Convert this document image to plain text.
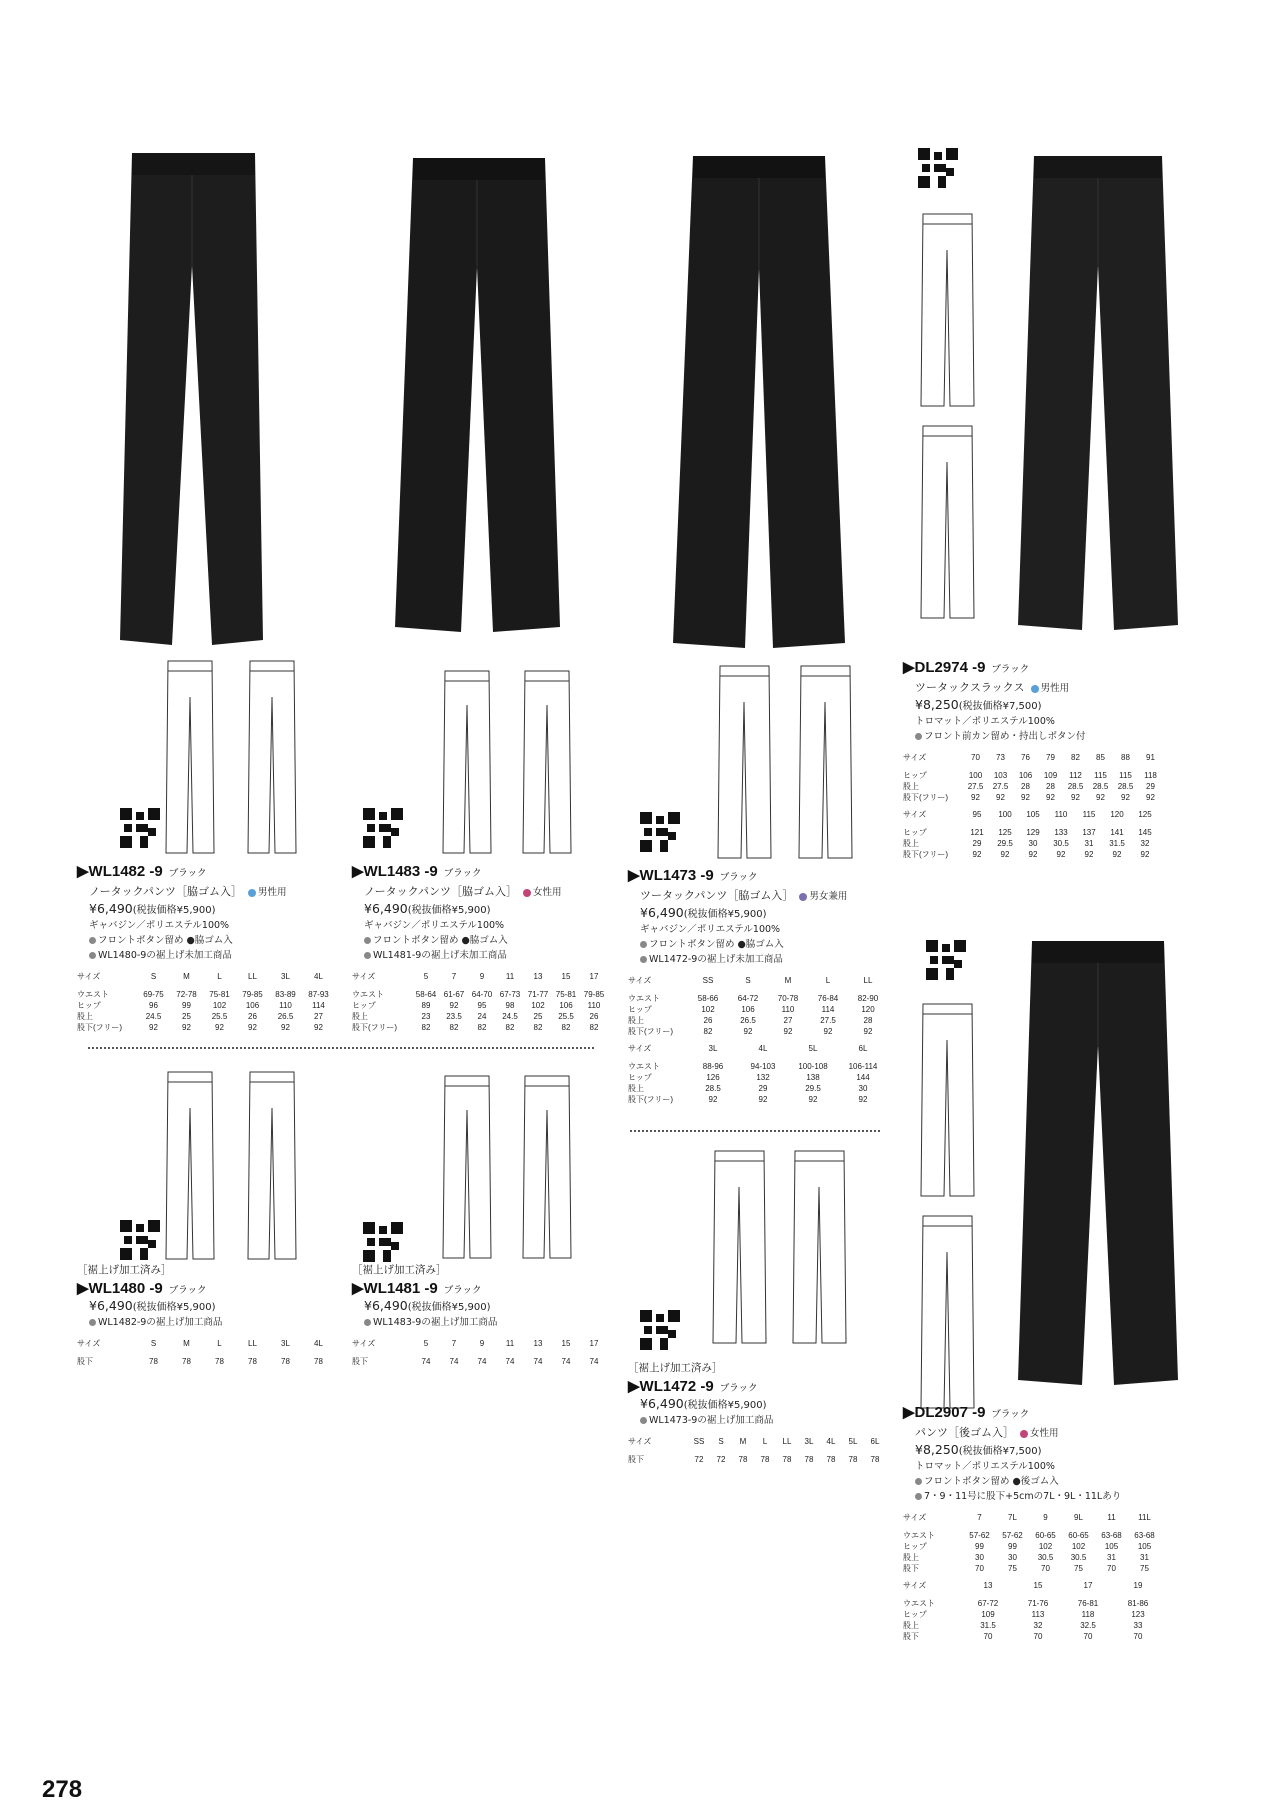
▶WL1482 -9 ブラック
ノータックパンツ［脇ゴム入］ 男性用
¥6,490(税抜価格¥5,900)
ギャバジン／ポリエステル100%
フロントボタン留め ●脇ゴム入
WL1480-9の裾上げ未加工商品
サイズ	S	M	L	LL	3L	4L
ウエスト	69-75	72-78	75-81	79-85	83-89	87-93
ヒップ	96	99	102	106	110	114
股上	24.5	25	25.5	26	26.5	27
股下(フリー)	92	92	92	92	92	92
▶WL1483 -9 ブラック
ノータックパンツ［脇ゴム入］ 女性用
¥6,490(税抜価格¥5,900)
ギャバジン／ポリエステル100%
フロントボタン留め ●脇ゴム入
WL1481-9の裾上げ未加工商品
サイズ	5	7	9	11	13	15	17
ウエスト	58-64	61-67	64-70	67-73	71-77	75-81	79-85
ヒップ	89	92	95	98	102	106	110
股上	23	23.5	24	24.5	25	25.5	26
股下(フリー)	82	82	82	82	82	82	82
▶WL1473 -9 ブラック
ツータックパンツ［脇ゴム入］ 男女兼用
¥6,490(税抜価格¥5,900)
ギャバジン／ポリエステル100%
フロントボタン留め ●脇ゴム入
WL1472-9の裾上げ未加工商品
サイズ	SS	S	M	L	LL
ウエスト	58-66	64-72	70-78	76-84	82-90
ヒップ	102	106	110	114	120
股上	26	26.5	27	27.5	28
股下(フリー)	82	92	92	92	92
サイズ	3L	4L	5L	6L
ウエスト	88-96	94-103	100-108	106-114
ヒップ	126	132	138	144
股上	28.5	29	29.5	30
股下(フリー)	92	92	92	92
▶DL2974 -9 ブラック
ツータックスラックス 男性用
¥8,250(税抜価格¥7,500)
トロマット／ポリエステル100%
フロント前カン留め・持出しボタン付
サイズ	70	73	76	79	82	85	88	91
ヒップ	100	103	106	109	112	115	115	118
股上	27.5	27.5	28	28	28.5	28.5	28.5	29
股下(フリー)	92	92	92	92	92	92	92	92
サイズ	95	100	105	110	115	120	125
ヒップ	121	125	129	133	137	141	145
股上	29	29.5	30	30.5	31	31.5	32
股下(フリー)	92	92	92	92	92	92	92
［裾上げ加工済み］
▶WL1480 -9 ブラック
¥6,490(税抜価格¥5,900)
WL1482-9の裾上げ加工商品
サイズ	S	M	L	LL	3L	4L
股下	78	78	78	78	78	78
［裾上げ加工済み］
▶WL1481 -9 ブラック
¥6,490(税抜価格¥5,900)
WL1483-9の裾上げ加工商品
サイズ	5	7	9	11	13	15	17
股下	74	74	74	74	74	74	74
［裾上げ加工済み］
▶WL1472 -9 ブラック
¥6,490(税抜価格¥5,900)
WL1473-9の裾上げ加工商品
サイズ	SS	S	M	L	LL	3L	4L	5L	6L
股下	72	72	78	78	78	78	78	78	78
▶DL2907 -9 ブラック
パンツ［後ゴム入］ 女性用
¥8,250(税抜価格¥7,500)
トロマット／ポリエステル100%
フロントボタン留め ●後ゴム入
7・9・11号に股下+5cmの7L・9L・11Lあり
サイズ	7	7L	9	9L	11	11L
ウエスト	57-62	57-62	60-65	60-65	63-68	63-68
ヒップ	99	99	102	102	105	105
股上	30	30	30.5	30.5	31	31
股下	70	75	70	75	70	75
サイズ	13	15	17	19
ウエスト	67-72	71-76	76-81	81-86
ヒップ	109	113	118	123
股上	31.5	32	32.5	33
股下	70	70	70	70
278
